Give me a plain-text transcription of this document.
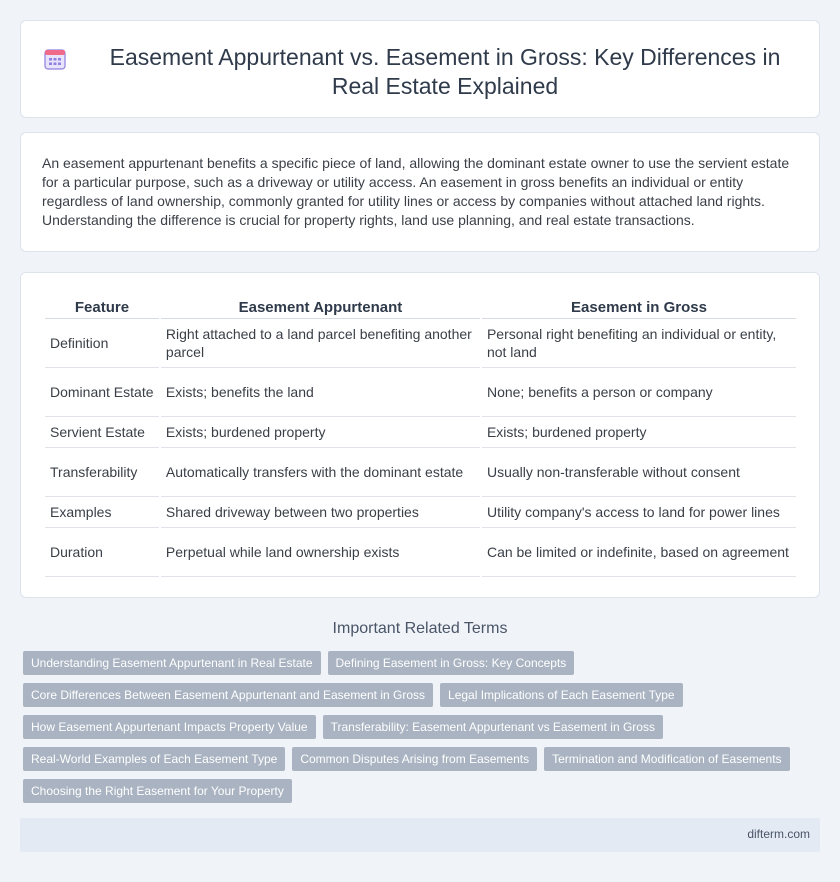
Easement Appurtenant vs. Easement in Gross: Key Differences in Real Estate Explained

An easement appurtenant benefits a specific piece of land, allowing the dominant estate owner to use the servient estate for a particular purpose, such as a driveway or utility access. An easement in gross benefits an individual or entity regardless of land ownership, commonly granted for utility lines or access by companies without attached land rights. Understanding the difference is crucial for property rights, land use planning, and real estate transactions.

Feature	Easement Appurtenant	Easement in Gross
Definition	Right attached to a land parcel benefiting another parcel	Personal right benefiting an individual or entity, not land
Dominant Estate	Exists; benefits the land	None; benefits a person or company
Servient Estate	Exists; burdened property	Exists; burdened property
Transferability	Automatically transfers with the dominant estate	Usually non-transferable without consent
Examples	Shared driveway between two properties	Utility company's access to land for power lines
Duration	Perpetual while land ownership exists	Can be limited or indefinite, based on agreement
Important Related Terms
Understanding Easement Appurtenant in Real Estate	Defining Easement in Gross: Key Concepts
Core Differences Between Easement Appurtenant and Easement in Gross	Legal Implications of Each Easement Type
How Easement Appurtenant Impacts Property Value	Transferability: Easement Appurtenant vs Easement in Gross
Real-World Examples of Each Easement Type	Common Disputes Arising from Easements	Termination and Modification of Easements
Choosing the Right Easement for Your Property
difterm.com
